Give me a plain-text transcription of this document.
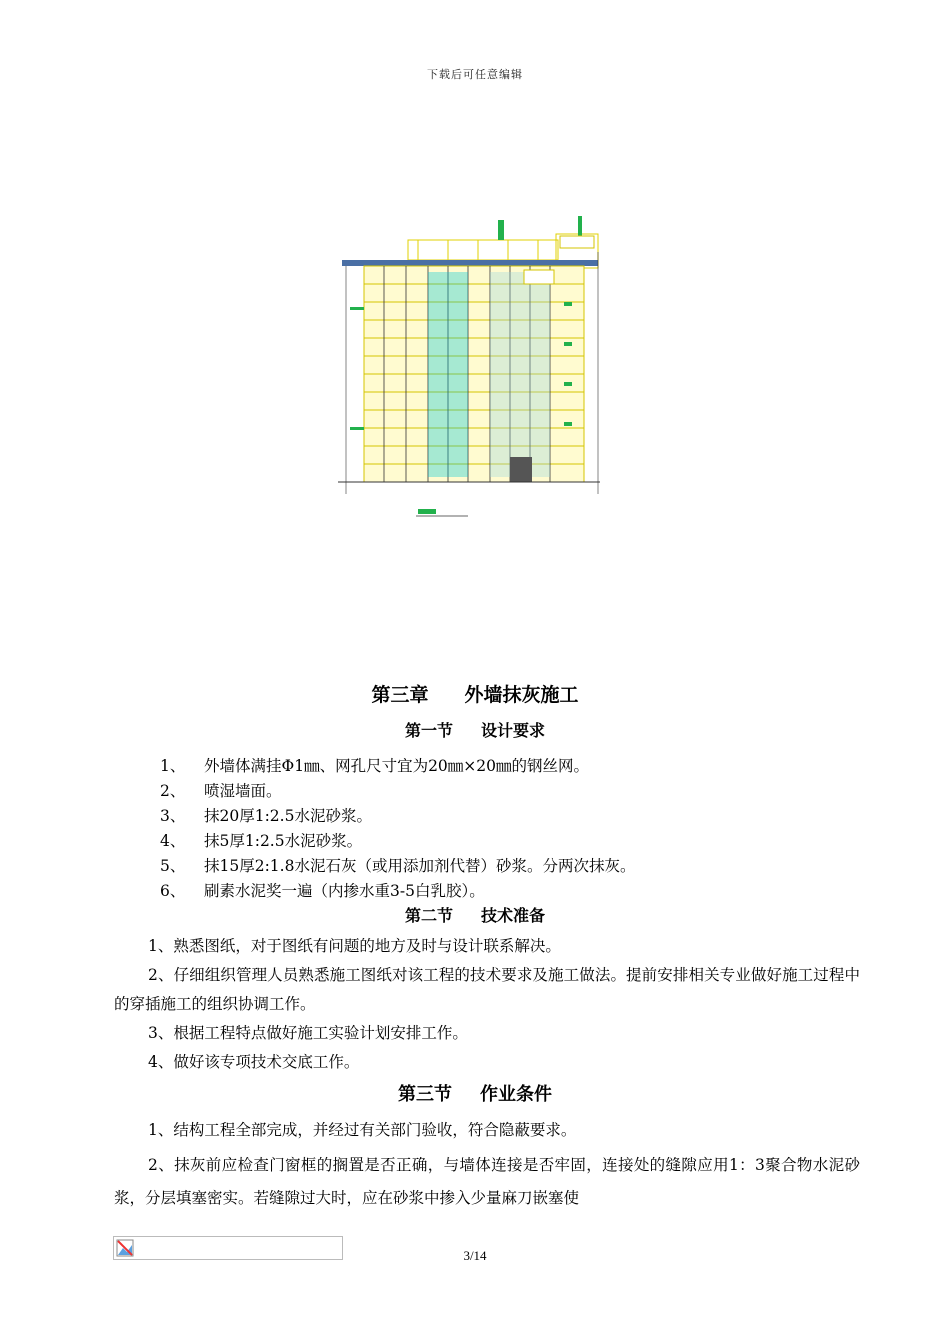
下载后可任意编辑
第三章 外墙抹灰施工
第一节 设计要求
1、 外墙体满挂Φ1㎜、网孔尺寸宜为20㎜×20㎜的钢丝网。
2、 喷湿墙面。
3、 抹20厚1:2.5水泥砂浆。
4、 抹5厚1:2.5水泥砂浆。
5、 抹15厚2:1.8水泥石灰（或用添加剂代替）砂浆。分两次抹灰。
6、 刷素水泥奖一遍（内掺水重3-5白乳胶）。
第二节 技术准备
1、熟悉图纸，对于图纸有问题的地方及时与设计联系解决。
2、仔细组织管理人员熟悉施工图纸对该工程的技术要求及施工做法。提前安排相关专业做好施工过程中的穿插施工的组织协调工作。
3、根据工程特点做好施工实验计划安排工作。
4、做好该专项技术交底工作。
第三节 作业条件
1、结构工程全部完成，并经过有关部门验收，符合隐蔽要求。
2、抹灰前应检查门窗框的搁置是否正确，与墙体连接是否牢固，连接处的缝隙应用1：3聚合物水泥砂浆，分层填塞密实。若缝隙过大时，应在砂浆中掺入少量麻刀嵌塞使
3/14
